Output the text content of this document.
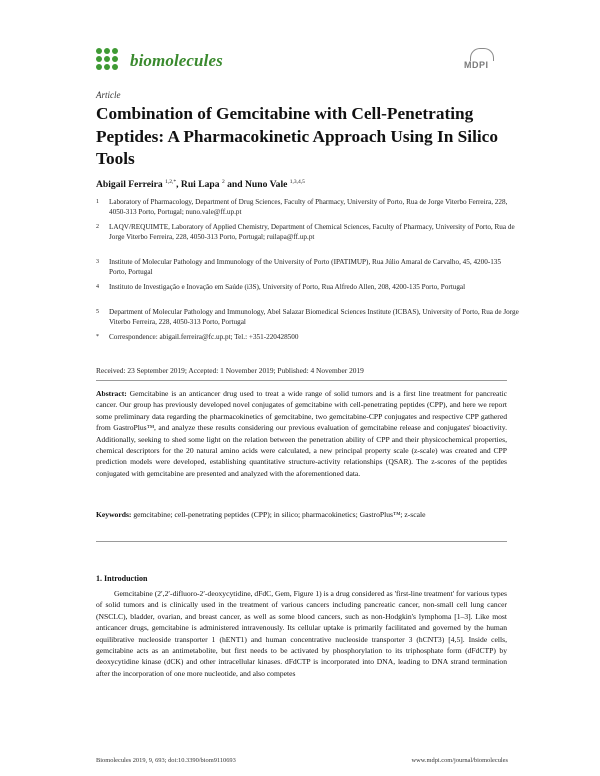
biomolecules	MDPI
Article
Combination of Gemcitabine with Cell-Penetrating Peptides: A Pharmacokinetic Approach Using In Silico Tools
Abigail Ferreira $^{1,2,*}$, Rui Lapa $^2$ and Nuno Vale $^{1,3,4,5}$
1	Laboratory of Pharmacology, Department of Drug Sciences, Faculty of Pharmacy, University of Porto, Rua de Jorge Viterbo Ferreira, 228, 4050-313 Porto, Portugal; nuno.vale@ff.up.pt
2	LAQV/REQUIMTE, Laboratory of Applied Chemistry, Department of Chemical Sciences, Faculty of Pharmacy, University of Porto, Rua de Jorge Viterbo Ferreira, 228, 4050-313 Porto, Portugal; ruilapa@ff.up.pt
3	Institute of Molecular Pathology and Immunology of the University of Porto (IPATIMUP), Rua Júlio Amaral de Carvalho, 45, 4200-135 Porto, Portugal
4	Instituto de Investigação e Inovação em Saúde (i3S), University of Porto, Rua Alfredo Allen, 208, 4200-135 Porto, Portugal
5	Department of Molecular Pathology and Immunology, Abel Salazar Biomedical Sciences Institute (ICBAS), University of Porto, Rua de Jorge Viterbo Ferreira, 228, 4050-313 Porto, Portugal
*	Correspondence: abigail.ferreira@fc.up.pt; Tel.: +351-220428500
Received: 23 September 2019; Accepted: 1 November 2019; Published: 4 November 2019
Abstract: Gemcitabine is an anticancer drug used to treat a wide range of solid tumors and is a first line treatment for pancreatic cancer. Our group has previously developed novel conjugates of gemcitabine with cell-penetrating peptides (CPP), and here we report some preliminary data regarding the pharmacokinetics of gemcitabine, two gemcitabine-CPP conjugates and respective CPP gathered from GastroPlus™, and analyze these results considering our previous evaluation of gemcitabine release and conjugates' bioactivity. Additionally, seeking to shed some light on the relation between the penetration ability of CPP and their physicochemical properties, chemical descriptors for the 20 natural amino acids were calculated, a new principal property scale (z-scale) was created and CPP prediction models were developed, establishing quantitative structure-activity relationships (QSAR). The z-scores of the peptides conjugated with gemcitabine are presented and analyzed with the aforementioned data.
Keywords: gemcitabine; cell-penetrating peptides (CPP); in silico; pharmacokinetics; GastroPlus™; z-scale
1. Introduction
Gemcitabine (2′,2′-difluoro-2′-deoxycytidine, dFdC, Gem, Figure 1) is a drug considered as 'first-line treatment' for various types of solid tumors and is clinically used in the treatment of various cancers including pancreatic cancer, non-small cell lung cancer (NSCLC), bladder, ovarian, and breast cancer, as well as some blood cancers, such as non-Hodgkin's lymphoma [1–3]. Like most anticancer drugs, gemcitabine is administered intravenously. Its cellular uptake is primarily facilitated and governed by the human equilibrative nucleoside transporter 1 (hENT1) and human concentrative nucleoside transporter 3 (hCNT3) [4,5]. Inside cells, gemcitabine acts as an antimetabolite, but first needs to be activated by phosphorylation to its triphosphate form (dFdCTP) by deoxycytidine kinase (dCK) and other intracellular kinases. dFdCTP is incorporated into DNA, leading to DNA strand termination after the incorporation of one more nucleotide, and also competes
Biomolecules 2019, 9, 693; doi:10.3390/biom9110693	www.mdpi.com/journal/biomolecules
